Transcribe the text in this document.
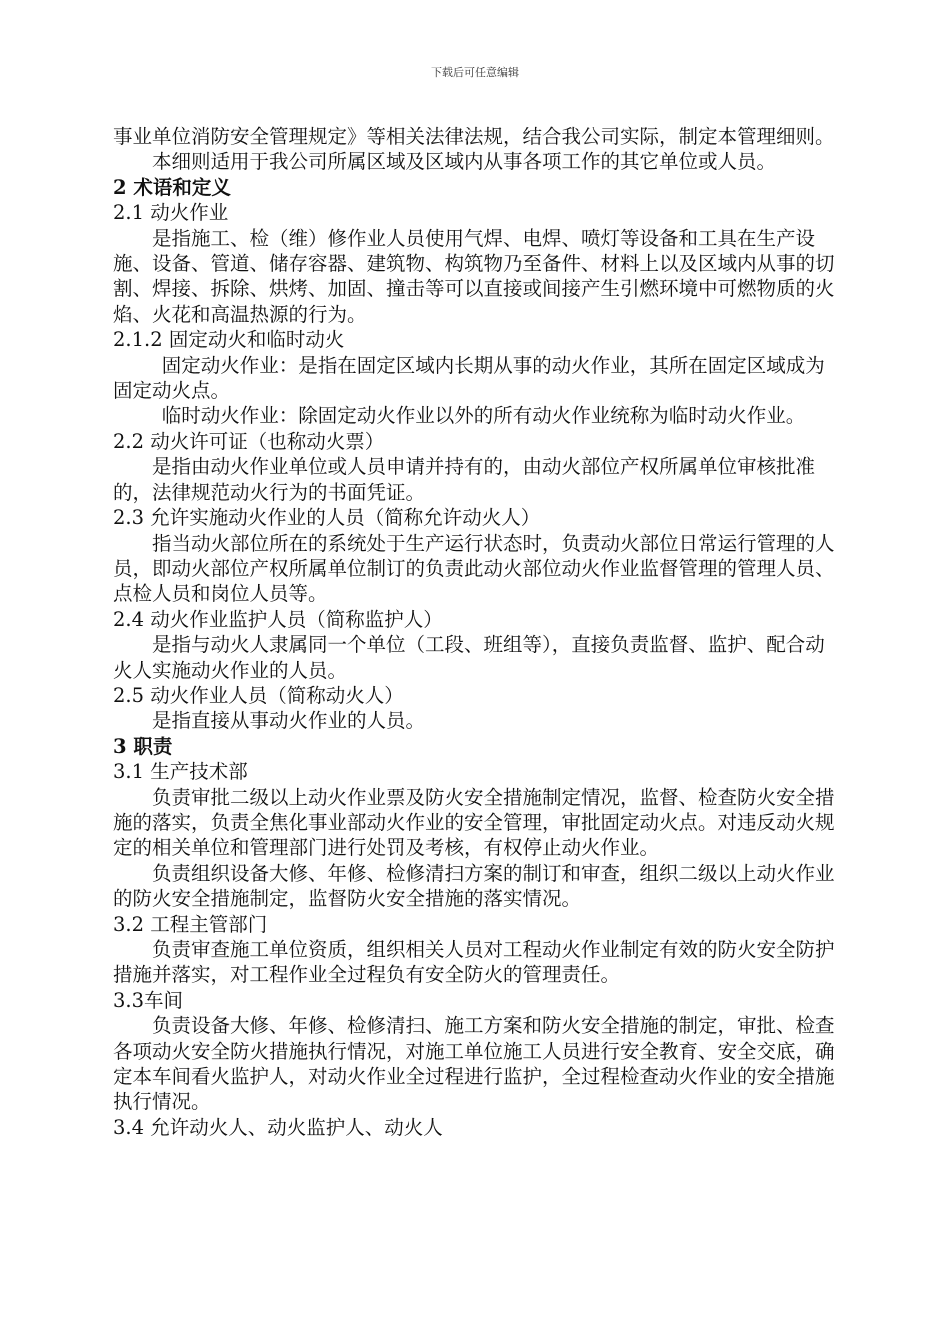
下载后可任意编辑

事业单位消防安全管理规定》等相关法律法规，结合我公司实际，制定本管理细则。

本细则适用于我公司所属区域及区域内从事各项工作的其它单位或人员。

2 术语和定义

2.1 动火作业

是指施工、检（维）修作业人员使用气焊、电焊、喷灯等设备和工具在生产设施、设备、管道、储存容器、建筑物、构筑物乃至备件、材料上以及区域内从事的切割、焊接、拆除、烘烤、加固、撞击等可以直接或间接产生引燃环境中可燃物质的火焰、火花和高温热源的行为。

2.1.2 固定动火和临时动火

固定动火作业：是指在固定区域内长期从事的动火作业，其所在固定区域成为固定动火点。

临时动火作业：除固定动火作业以外的所有动火作业统称为临时动火作业。

2.2 动火许可证（也称动火票）

是指由动火作业单位或人员申请并持有的，由动火部位产权所属单位审核批准的，法律规范动火行为的书面凭证。

2.3 允许实施动火作业的人员（简称允许动火人）

指当动火部位所在的系统处于生产运行状态时，负责动火部位日常运行管理的人员，即动火部位产权所属单位制订的负责此动火部位动火作业监督管理的管理人员、点检人员和岗位人员等。

2.4 动火作业监护人员（简称监护人）

是指与动火人隶属同一个单位（工段、班组等），直接负责监督、监护、配合动火人实施动火作业的人员。

2.5 动火作业人员（简称动火人）

是指直接从事动火作业的人员。

3 职责

3.1 生产技术部

负责审批二级以上动火作业票及防火安全措施制定情况，监督、检查防火安全措施的落实，负责全焦化事业部动火作业的安全管理，审批固定动火点。对违反动火规定的相关单位和管理部门进行处罚及考核，有权停止动火作业。

负责组织设备大修、年修、检修清扫方案的制订和审查，组织二级以上动火作业的防火安全措施制定，监督防火安全措施的落实情况。

3.2 工程主管部门

负责审查施工单位资质，组织相关人员对工程动火作业制定有效的防火安全防护措施并落实，对工程作业全过程负有安全防火的管理责任。

3.3车间

负责设备大修、年修、检修清扫、施工方案和防火安全措施的制定，审批、检查各项动火安全防火措施执行情况，对施工单位施工人员进行安全教育、安全交底，确定本车间看火监护人，对动火作业全过程进行监护，全过程检查动火作业的安全措施执行情况。

3.4 允许动火人、动火监护人、动火人
